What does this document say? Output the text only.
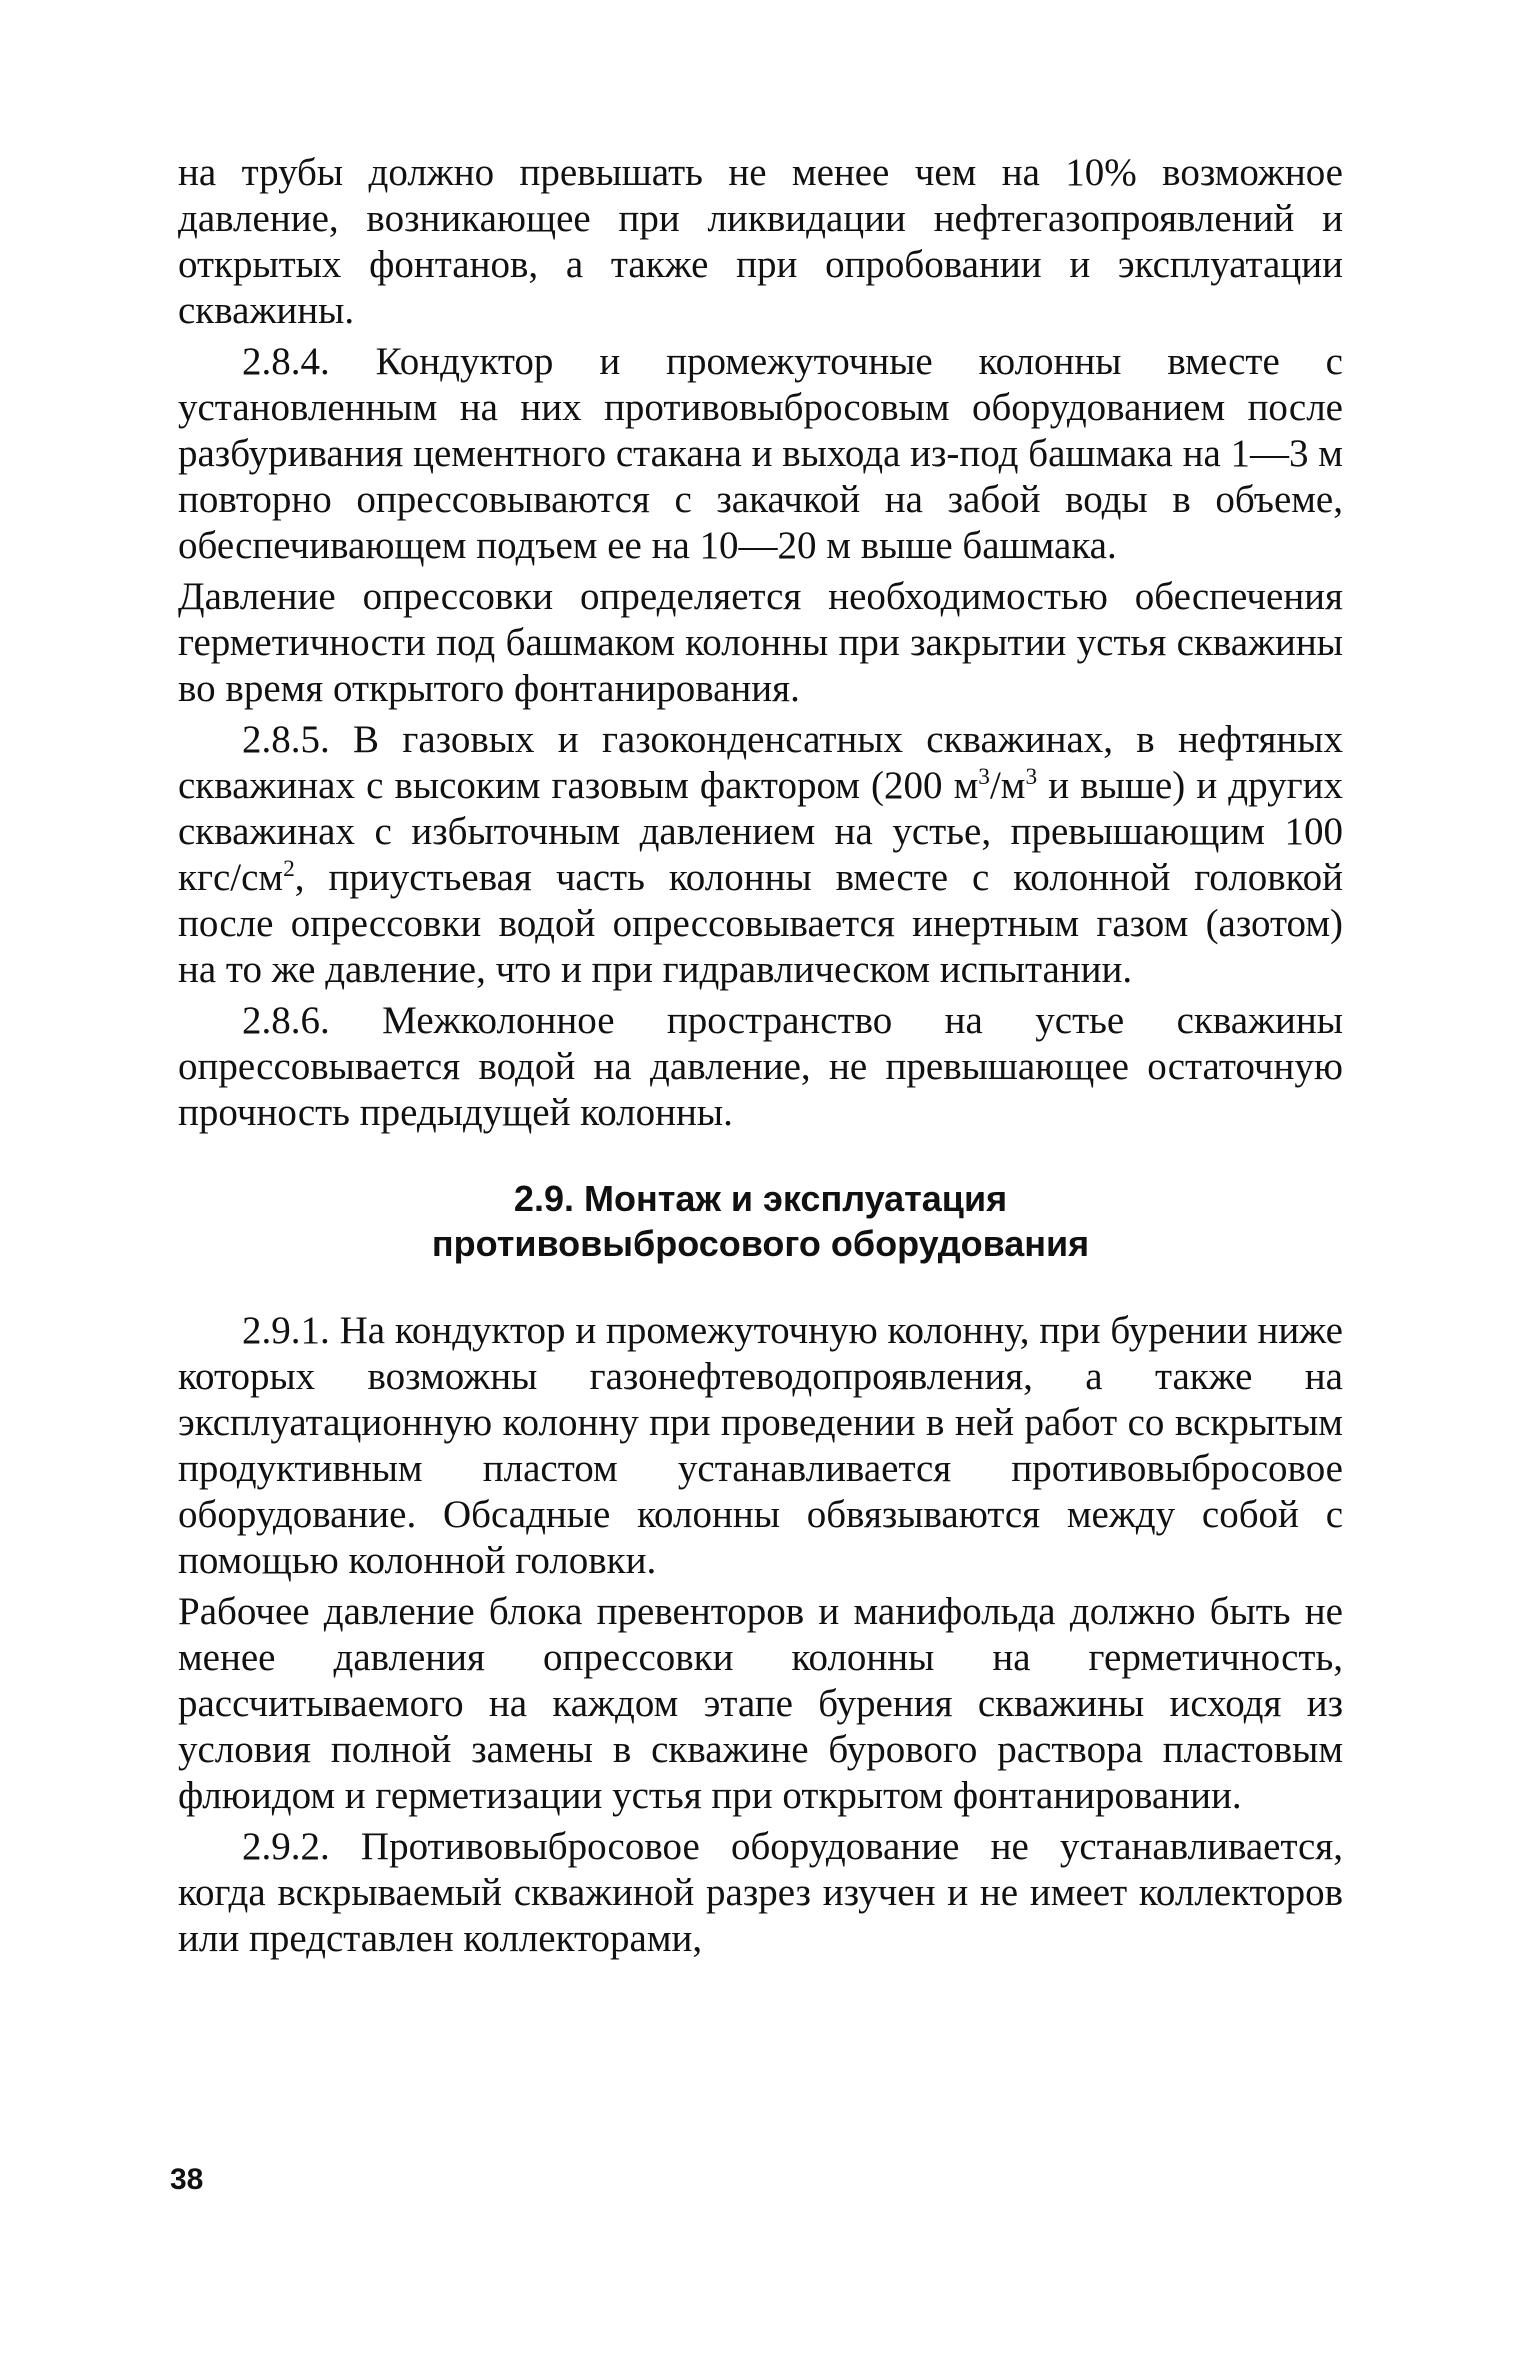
на трубы должно превышать не менее чем на 10% возможное давление, возникающее при ликвидации нефтегазопроявлений и открытых фонтанов, а также при опробовании и эксплуатации скважины.

2.8.4. Кондуктор и промежуточные колонны вместе с установленным на них противовыбросовым оборудованием после разбуривания цементного стакана и выхода из-под башмака на 1—3 м повторно опрессовываются с закачкой на забой воды в объеме, обеспечивающем подъем ее на 10—20 м выше башмака.

Давление опрессовки определяется необходимостью обеспечения герметичности под башмаком колонны при закрытии устья скважины во время открытого фонтанирования.

2.8.5. В газовых и газоконденсатных скважинах, в нефтяных скважинах с высоким газовым фактором (200 $м^3/м^3$ и выше) и других скважинах с избыточным давлением на устье, превышающим 100 кгс/$см^2$, приустьевая часть колонны вместе с колонной головкой после опрессовки водой опрессовывается инертным газом (азотом) на то же давление, что и при гидравлическом испытании.

2.8.6. Межколонное пространство на устье скважины опрессовывается водой на давление, не превышающее остаточную прочность предыдущей колонны.

2.9. Монтаж и эксплуатация
противовыбросового оборудования

2.9.1. На кондуктор и промежуточную колонну, при бурении ниже которых возможны газонефтеводопроявления, а также на эксплуатационную колонну при проведении в ней работ со вскрытым продуктивным пластом устанавливается противовыбросовое оборудование. Обсадные колонны обвязываются между собой с помощью колонной головки.

Рабочее давление блока превенторов и манифольда должно быть не менее давления опрессовки колонны на герметичность, рассчитываемого на каждом этапе бурения скважины исходя из условия полной замены в скважине бурового раствора пластовым флюидом и герметизации устья при открытом фонтанировании.

2.9.2. Противовыбросовое оборудование не устанавливается, когда вскрываемый скважиной разрез изучен и не имеет коллекторов или представлен коллекторами,

38
